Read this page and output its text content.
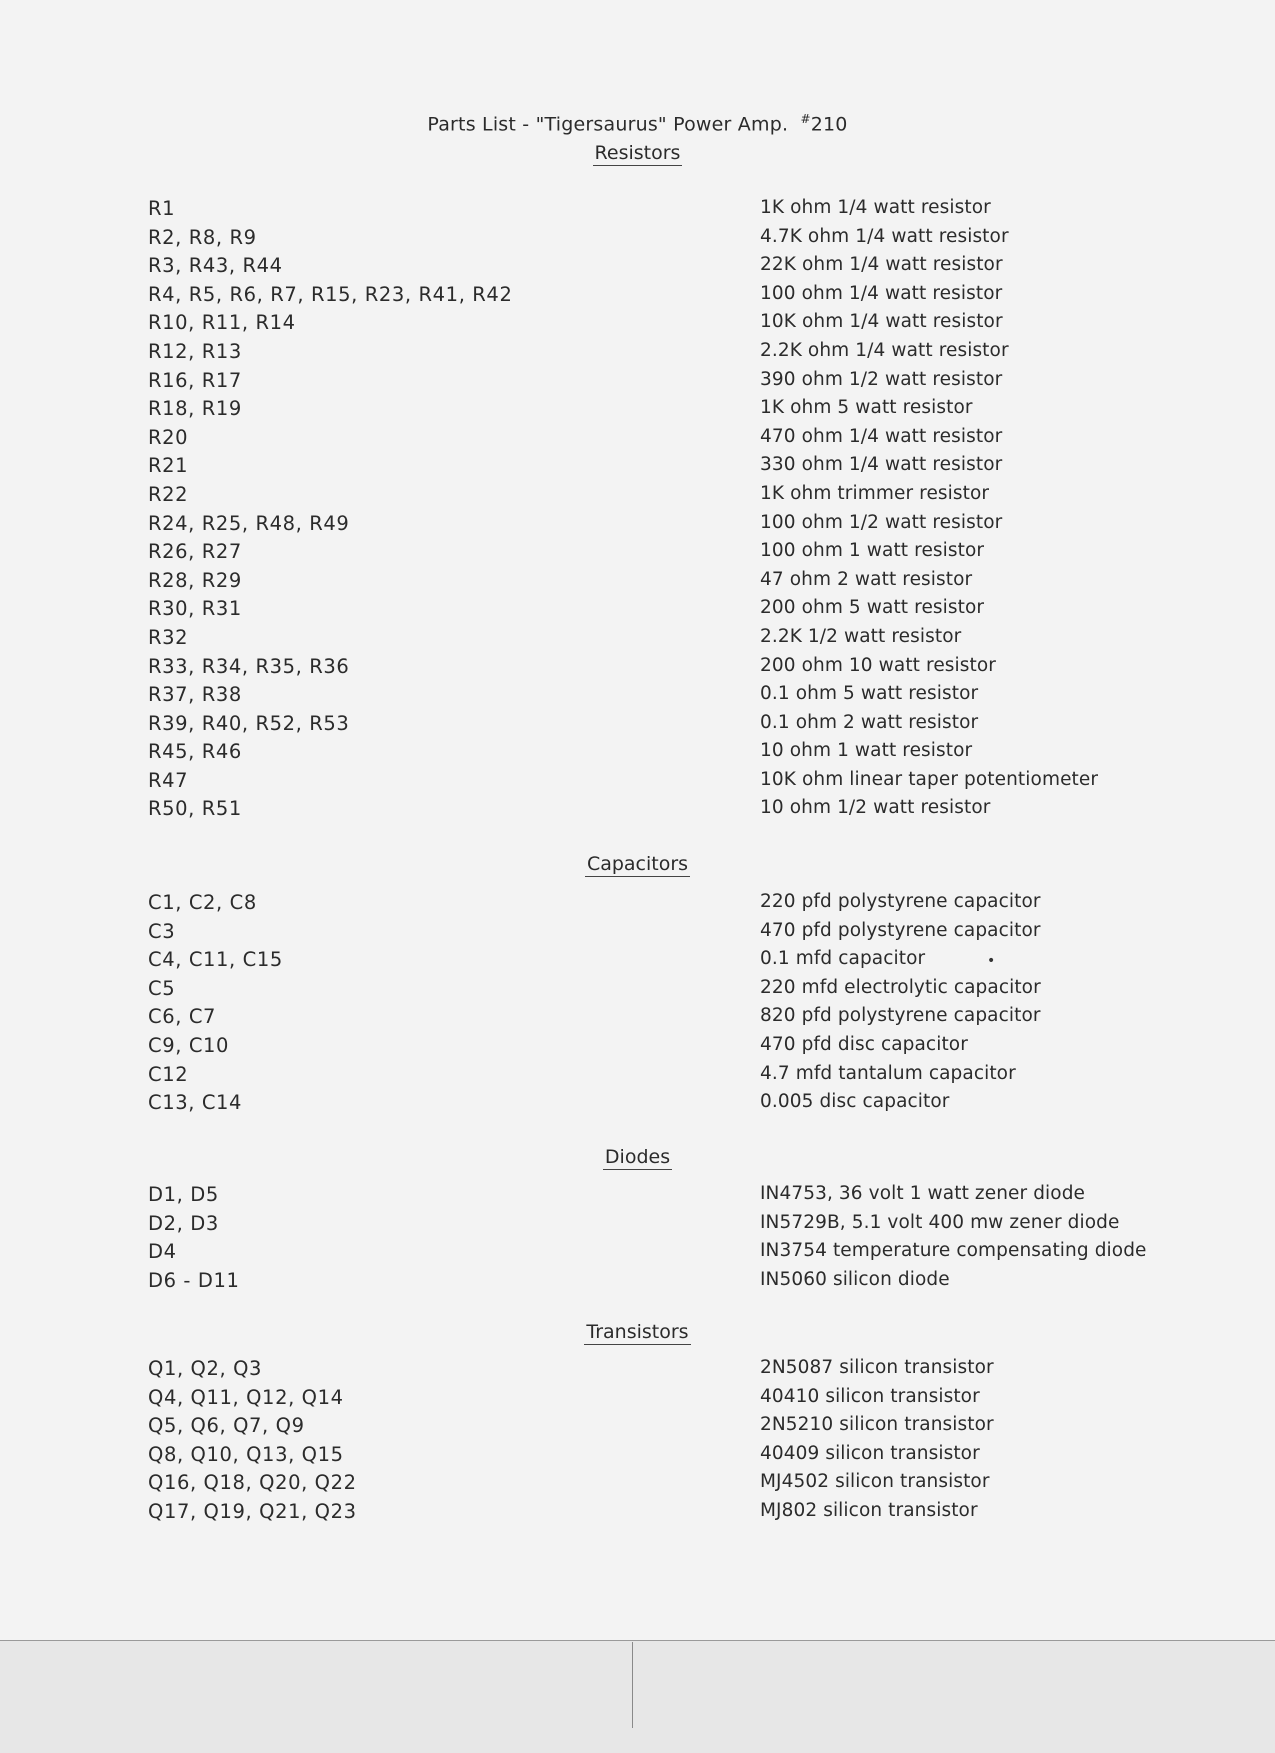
Parts List - "Tigersaurus" Power Amp. #210
Resistors
R1	1K ohm 1/4 watt resistor
R2, R8, R9	4.7K ohm 1/4 watt resistor
R3, R43, R44	22K ohm 1/4 watt resistor
R4, R5, R6, R7, R15, R23, R41, R42	100 ohm 1/4 watt resistor
R10, R11, R14	10K ohm 1/4 watt resistor
R12, R13	2.2K ohm 1/4 watt resistor
R16, R17	390 ohm 1/2 watt resistor
R18, R19	1K ohm 5 watt resistor
R20	470 ohm 1/4 watt resistor
R21	330 ohm 1/4 watt resistor
R22	1K ohm trimmer resistor
R24, R25, R48, R49	100 ohm 1/2 watt resistor
R26, R27	100 ohm 1 watt resistor
R28, R29	47 ohm 2 watt resistor
R30, R31	200 ohm 5 watt resistor
R32	2.2K 1/2 watt resistor
R33, R34, R35, R36	200 ohm 10 watt resistor
R37, R38	0.1 ohm 5 watt resistor
R39, R40, R52, R53	0.1 ohm 2 watt resistor
R45, R46	10 ohm 1 watt resistor
R47	10K ohm linear taper potentiometer
R50, R51	10 ohm 1/2 watt resistor
Capacitors
C1, C2, C8	220 pfd polystyrene capacitor
C3	470 pfd polystyrene capacitor
C4, C11, C15	0.1 mfd capacitor
C5	220 mfd electrolytic capacitor
C6, C7	820 pfd polystyrene capacitor
C9, C10	470 pfd disc capacitor
C12	4.7 mfd tantalum capacitor
C13, C14	0.005 disc capacitor
•
Diodes
D1, D5	IN4753, 36 volt 1 watt zener diode
D2, D3	IN5729B, 5.1 volt 400 mw zener diode
D4	IN3754 temperature compensating diode
D6 - D11	IN5060 silicon diode
Transistors
Q1, Q2, Q3	2N5087 silicon transistor
Q4, Q11, Q12, Q14	40410 silicon transistor
Q5, Q6, Q7, Q9	2N5210 silicon transistor
Q8, Q10, Q13, Q15	40409 silicon transistor
Q16, Q18, Q20, Q22	MJ4502 silicon transistor
Q17, Q19, Q21, Q23	MJ802 silicon transistor
